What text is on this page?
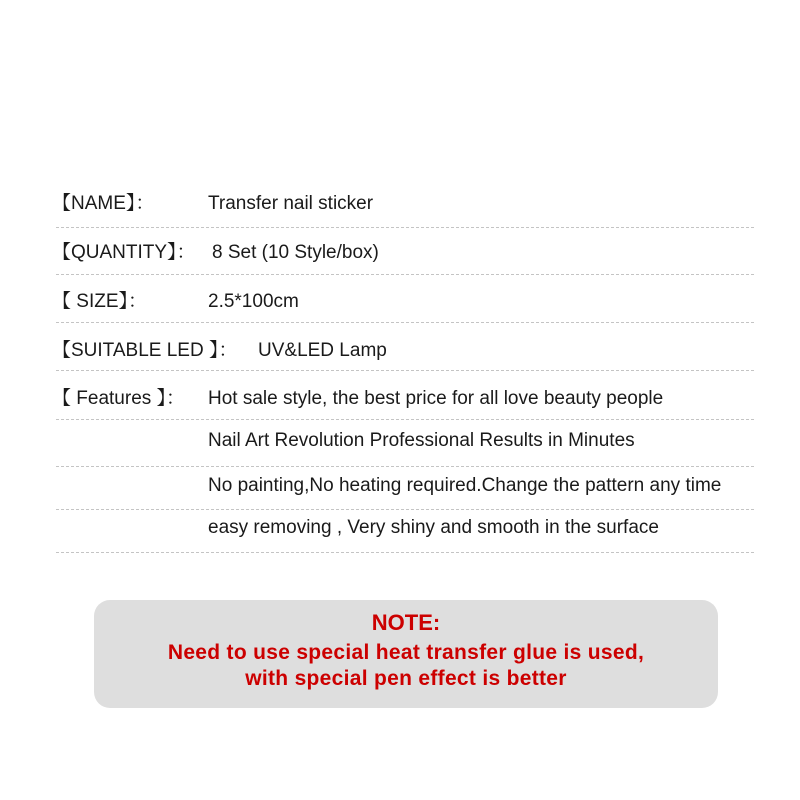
【NAME】：	Transfer nail sticker
【QUANTITY】： 8 Set (10 Style/box)
【 SIZE】：	2.5*100cm
【SUITABLE LED 】： UV&LED Lamp
【 Features 】： Hot sale style, the best price for all love beauty people
Nail Art Revolution Professional Results in Minutes
No painting,No heating required.Change the pattern any time
easy removing , Very shiny and smooth in the surface
NOTE:
Need to use special heat transfer glue is used,
with special pen effect is better
